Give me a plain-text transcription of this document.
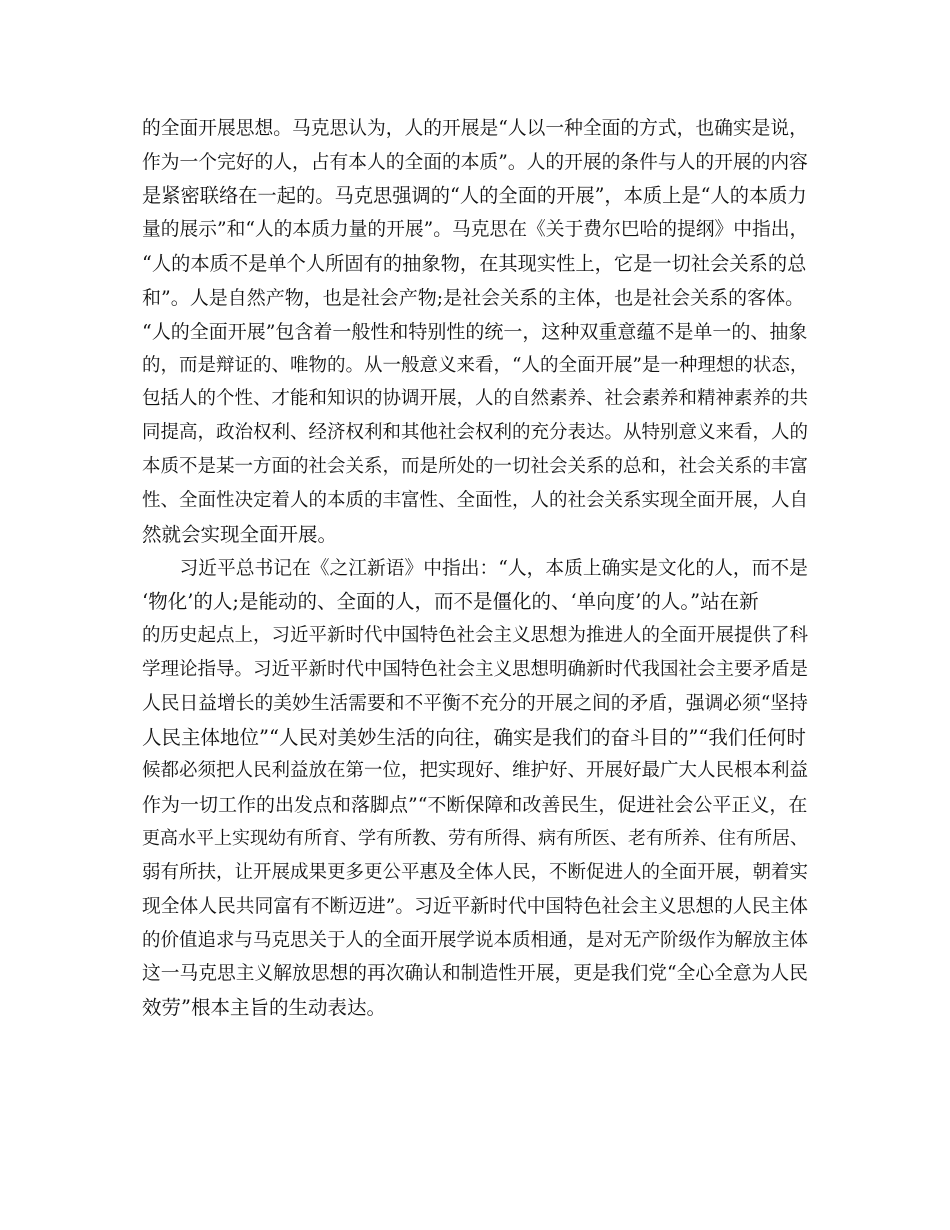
的全面开展思想。马克思认为，人的开展是“人以一种全面的方式，也确实是说，
作为一个完好的人，占有本人的全面的本质”。人的开展的条件与人的开展的内容
是紧密联络在一起的。马克思强调的“人的全面的开展”，本质上是“人的本质力
量的展示”和“人的本质力量的开展”。马克思在《关于费尔巴哈的提纲》中指出，
“人的本质不是单个人所固有的抽象物，在其现实性上，它是一切社会关系的总
和”。人是自然产物，也是社会产物;是社会关系的主体，也是社会关系的客体。
“人的全面开展”包含着一般性和特别性的统一，这种双重意蕴不是单一的、抽象
的，而是辩证的、唯物的。从一般意义来看，“人的全面开展”是一种理想的状态，
包括人的个性、才能和知识的协调开展，人的自然素养、社会素养和精神素养的共
同提高，政治权利、经济权利和其他社会权利的充分表达。从特别意义来看，人的
本质不是某一方面的社会关系，而是所处的一切社会关系的总和，社会关系的丰富
性、全面性决定着人的本质的丰富性、全面性，人的社会关系实现全面开展，人自
然就会实现全面开展。
　　习近平总书记在《之江新语》中指出：“人，本质上确实是文化的人，而不是
‘物化’的人;是能动的、全面的人，而不是僵化的、‘单向度’的人。”站在新
的历史起点上，习近平新时代中国特色社会主义思想为推进人的全面开展提供了科
学理论指导。习近平新时代中国特色社会主义思想明确新时代我国社会主要矛盾是
人民日益增长的美妙生活需要和不平衡不充分的开展之间的矛盾，强调必须“坚持
人民主体地位”“人民对美妙生活的向往，确实是我们的奋斗目的”“我们任何时
候都必须把人民利益放在第一位，把实现好、维护好、开展好最广大人民根本利益
作为一切工作的出发点和落脚点”“不断保障和改善民生，促进社会公平正义，在
更高水平上实现幼有所育、学有所教、劳有所得、病有所医、老有所养、住有所居、
弱有所扶，让开展成果更多更公平惠及全体人民，不断促进人的全面开展，朝着实
现全体人民共同富有不断迈进”。习近平新时代中国特色社会主义思想的人民主体
的价值追求与马克思关于人的全面开展学说本质相通，是对无产阶级作为解放主体
这一马克思主义解放思想的再次确认和制造性开展，更是我们党“全心全意为人民
效劳”根本主旨的生动表达。
